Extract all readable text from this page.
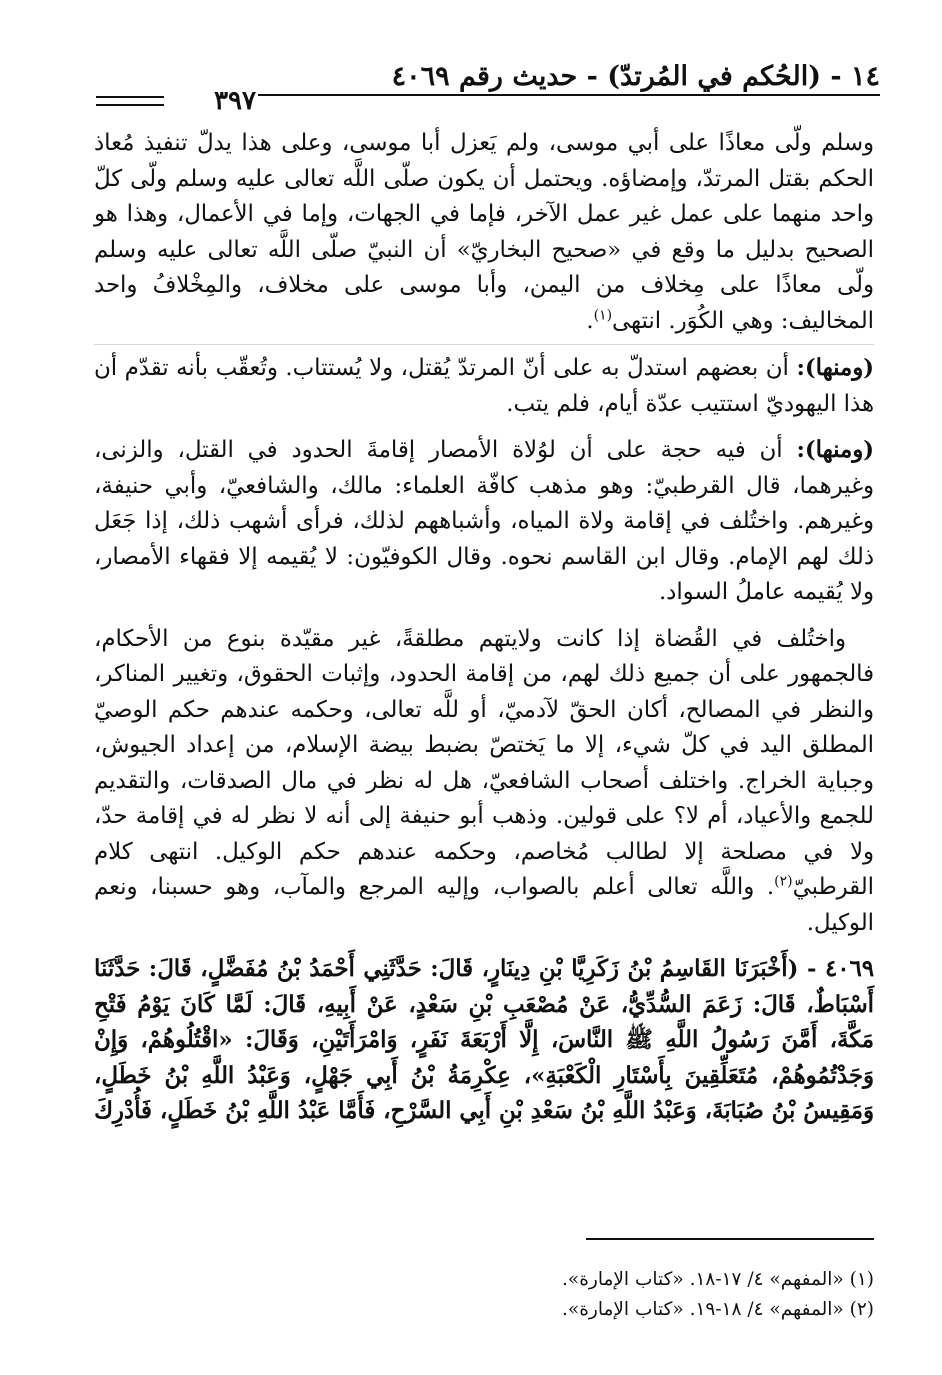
١٤ - (الحُكم في المُرتدّ) - حديث رقم ٤٠٦٩
٣٩٧

وسلم ولّى معاذًا على أبي موسى، ولم يَعزل أبا موسى، وعلى هذا يدلّ تنفيذ مُعاذ الحكم بقتل المرتدّ، وإمضاؤه. ويحتمل أن يكون صلّى اللَّه تعالى عليه وسلم ولّى كلّ واحد منهما على عمل غير عمل الآخر، فإما في الجهات، وإما في الأعمال، وهذا هو الصحيح بدليل ما وقع في «صحيح البخاريّ» أن النبيّ صلّى اللَّه تعالى عليه وسلم ولّى معاذًا على مِخلاف من اليمن، وأبا موسى على مخلاف، والمِخْلافُ واحد المخاليف: وهي الكُوَر. انتهى$^{(١)}$.

(ومنها): أن بعضهم استدلّ به على أنّ المرتدّ يُقتل، ولا يُستتاب. وتُعقّب بأنه تقدّم أن هذا اليهوديّ استتيب عدّة أيام، فلم يتب.

(ومنها): أن فيه حجة على أن لوُلاة الأمصار إقامةَ الحدود في القتل، والزنى، وغيرهما، قال القرطبيّ: وهو مذهب كافّة العلماء: مالك، والشافعيّ، وأبي حنيفة، وغيرهم. واختُلف في إقامة ولاة المياه، وأشباههم لذلك، فرأى أشهب ذلك، إذا جَعَل ذلك لهم الإمام. وقال ابن القاسم نحوه. وقال الكوفيّون: لا يُقيمه إلا فقهاء الأمصار، ولا يُقيمه عاملُ السواد.

واختُلف في القُضاة إذا كانت ولايتهم مطلقةً، غير مقيّدة بنوع من الأحكام، فالجمهور على أن جميع ذلك لهم، من إقامة الحدود، وإثبات الحقوق، وتغيير المناكر، والنظر في المصالح، أكان الحقّ لآدميّ، أو للَّه تعالى، وحكمه عندهم حكم الوصيّ المطلق اليد في كلّ شيء، إلا ما يَختصّ بضبط بيضة الإسلام، من إعداد الجيوش، وجباية الخراج. واختلف أصحاب الشافعيّ، هل له نظر في مال الصدقات، والتقديم للجمع والأعياد، أم لا؟ على قولين. وذهب أبو حنيفة إلى أنه لا نظر له في إقامة حدّ، ولا في مصلحة إلا لطالب مُخاصم، وحكمه عندهم حكم الوكيل. انتهى كلام القرطبيّ$^{(٢)}$. واللَّه تعالى أعلم بالصواب، وإليه المرجع والمآب، وهو حسبنا، ونعم الوكيل.

٤٠٦٩ - (أَخْبَرَنَا القَاسِمُ بْنُ زَكَرِيَّا بْنِ دِينَارٍ، قَالَ: حَدَّثَنِي أَحْمَدُ بْنُ مُفَضَّلٍ، قَالَ: حَدَّثَنَا أَسْبَاطٌ، قَالَ: زَعَمَ السُّدِّيُّ، عَنْ مُصْعَبِ بْنِ سَعْدٍ، عَنْ أَبِيهِ، قَالَ: لَمَّا كَانَ يَوْمُ فَتْحِ مَكَّةَ، أَمَّنَ رَسُولُ اللَّهِ ﷺ النَّاسَ، إِلَّا أَرْبَعَةَ نَفَرٍ، وَامْرَأَتَيْنِ، وَقَالَ: «اقْتُلُوهُمْ، وَإِنْ وَجَدْتُمُوهُمْ، مُتَعَلِّقِينَ بِأَسْتَارِ الْكَعْبَةِ»، عِكْرِمَةُ بْنُ أَبِي جَهْلٍ، وَعَبْدُ اللَّهِ بْنُ خَطَلٍ، وَمَقِيسُ بْنُ صُبَابَةَ، وَعَبْدُ اللَّهِ بْنُ سَعْدِ بْنِ أَبِي السَّرْحِ، فَأَمَّا عَبْدُ اللَّهِ بْنُ خَطَلٍ، فَأُدْرِكَ

(١) «المفهم» ٤/ ١٧-١٨. «كتاب الإمارة».
(٢) «المفهم» ٤/ ١٨-١٩. «كتاب الإمارة».
